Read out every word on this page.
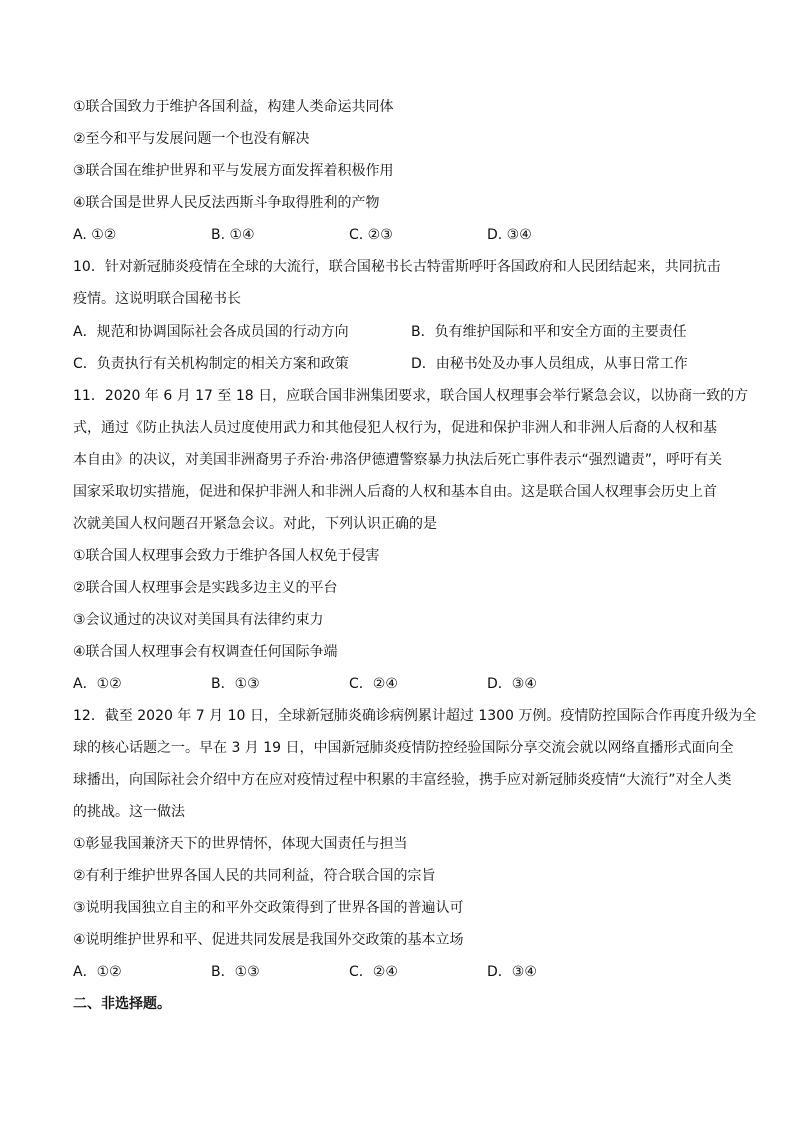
①联合国致力于维护各国利益，构建人类命运共同体
②至今和平与发展问题一个也没有解决
③联合国在维护世界和平与发展方面发挥着积极作用
④联合国是世界人民反法西斯斗争取得胜利的产物
A. ①②	B. ①④	C. ②③	D. ③④
10．针对新冠肺炎疫情在全球的大流行，联合国秘书长古特雷斯呼吁各国政府和人民团结起来，共同抗击
疫情。这说明联合国秘书长
A．规范和协调国际社会各成员国的行动方向	B．负有维护国际和平和安全方面的主要责任
C．负责执行有关机构制定的相关方案和政策	D．由秘书处及办事人员组成，从事日常工作
11．2020 年 6 月 17 至 18 日，应联合国非洲集团要求，联合国人权理事会举行紧急会议，以协商一致的方
式，通过《防止执法人员过度使用武力和其他侵犯人权行为，促进和保护非洲人和非洲人后裔的人权和基
本自由》的决议，对美国非洲裔男子乔治·弗洛伊德遭警察暴力执法后死亡事件表示“强烈谴责”，呼吁有关
国家采取切实措施，促进和保护非洲人和非洲人后裔的人权和基本自由。这是联合国人权理事会历史上首
次就美国人权问题召开紧急会议。对此，下列认识正确的是
①联合国人权理事会致力于维护各国人权免于侵害
②联合国人权理事会是实践多边主义的平台
③会议通过的决议对美国具有法律约束力
④联合国人权理事会有权调查任何国际争端
A．①②	B．①③	C．②④	D．③④
12．截至 2020 年 7 月 10 日，全球新冠肺炎确诊病例累计超过 1300 万例。疫情防控国际合作再度升级为全
球的核心话题之一。早在 3 月 19 日，中国新冠肺炎疫情防控经验国际分享交流会就以网络直播形式面向全
球播出，向国际社会介绍中方在应对疫情过程中积累的丰富经验，携手应对新冠肺炎疫情“大流行”对全人类
的挑战。这一做法
①彰显我国兼济天下的世界情怀，体现大国责任与担当
②有利于维护世界各国人民的共同利益，符合联合国的宗旨
③说明我国独立自主的和平外交政策得到了世界各国的普遍认可
④说明维护世界和平、促进共同发展是我国外交政策的基本立场
A．①②	B．①③	C．②④	D．③④
二、非选择题。
